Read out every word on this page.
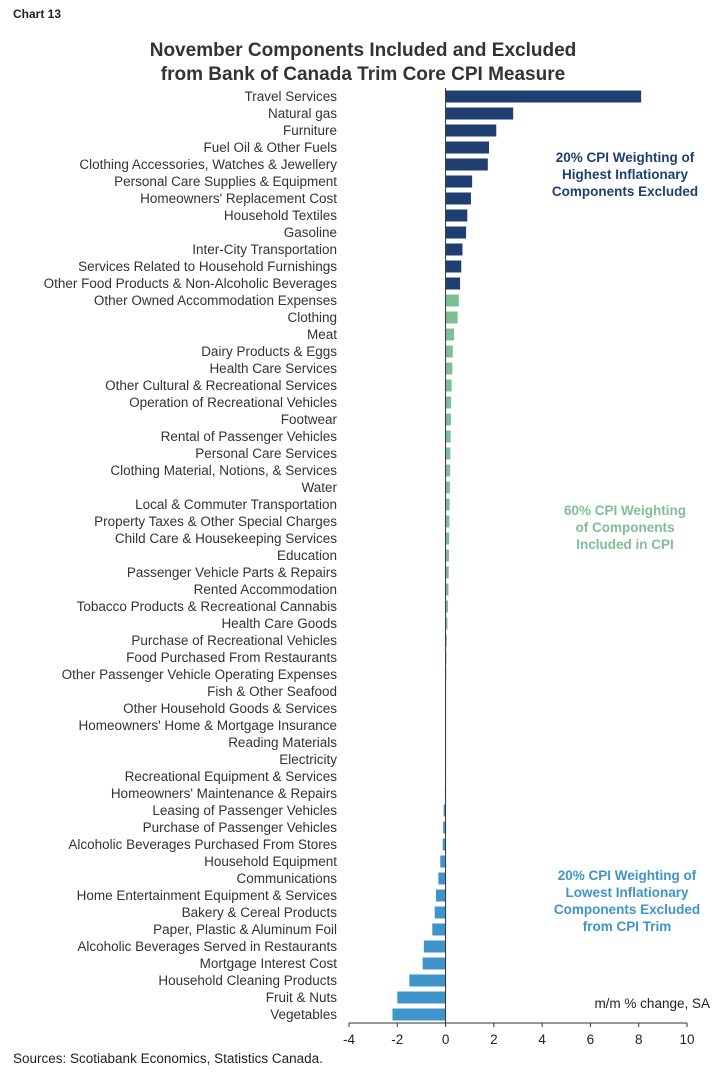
Chart 13
November Components Included and Excluded
from Bank of Canada Trim Core CPI Measure
Travel Services
Natural gas
Furniture
Fuel Oil & Other Fuels
Clothing Accessories, Watches & Jewellery
Personal Care Supplies & Equipment
Homeowners' Replacement Cost
Household Textiles
Gasoline
Inter-City Transportation
Services Related to Household Furnishings
Other Food Products & Non-Alcoholic Beverages
Other Owned Accommodation Expenses
Clothing
Meat
Dairy Products & Eggs
Health Care Services
Other Cultural & Recreational Services
Operation of Recreational Vehicles
Footwear
Rental of Passenger Vehicles
Personal Care Services
Clothing Material, Notions, & Services
Water
Local & Commuter Transportation
Property Taxes & Other Special Charges
Child Care & Housekeeping Services
Education
Passenger Vehicle Parts & Repairs
Rented Accommodation
Tobacco Products & Recreational Cannabis
Health Care Goods
Purchase of Recreational Vehicles
Food Purchased From Restaurants
Other Passenger Vehicle Operating Expenses
Fish & Other Seafood
Other Household Goods & Services
Homeowners' Home & Mortgage Insurance
Reading Materials
Electricity
Recreational Equipment & Services
Homeowners' Maintenance & Repairs
Leasing of Passenger Vehicles
Purchase of Passenger Vehicles
Alcoholic Beverages Purchased From Stores
Household Equipment
Communications
Home Entertainment Equipment & Services
Bakery & Cereal Products
Paper, Plastic & Aluminum Foil
Alcoholic Beverages Served in Restaurants
Mortgage Interest Cost
Household Cleaning Products
Fruit & Nuts
Vegetables
-4	-2	0	2	4	6	8	10
20% CPI Weighting of
Highest Inflationary
Components Excluded
60% CPI Weighting
of Components
Included in CPI
20% CPI Weighting of
Lowest Inflationary
Components Excluded
from CPI Trim
m/m % change, SA
Sources: Scotiabank Economics, Statistics Canada.
